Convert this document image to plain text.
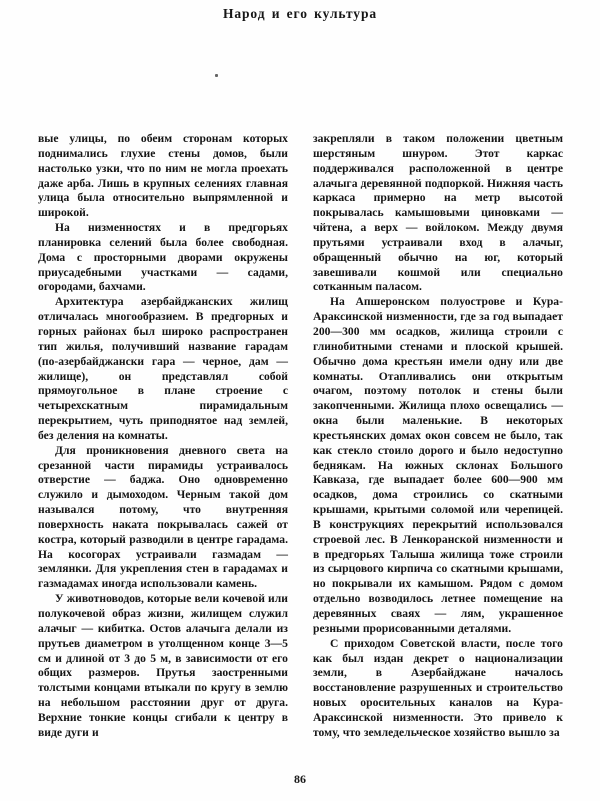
Народ и его культура

вые улицы, по обеим сторонам которых поднимались глухие стены домов, были настолько узки, что по ним не могла проехать даже арба. Лишь в крупных селениях главная улица была относительно выпрямленной и широкой.

На низменностях и в предгорьях планировка селений была более свободная. Дома с просторными дворами окружены приусадебными участками — садами, огородами, бахчами.

Архитектура азербайджанских жилищ отличалась многообразием. В предгорных и горных районах был широко распространен тип жилья, получивший название гарадам (по-азербайджански гара — черное, дам — жилище), он представлял собой прямоугольное в плане строение с четырехскатным пирамидальным перекрытием, чуть приподнятое над землей, без деления на комнаты.

Для проникновения дневного света на срезанной части пирамиды устраивалось отверстие — баджа. Оно одновременно служило и дымоходом. Черным такой дом назывался потому, что внутренняя поверхность наката покрывалась сажей от костра, который разводили в центре гарадама. На косогорах устраивали газмадам — землянки. Для укрепления стен в гарадамах и газмадамах иногда использовали камень.

У животноводов, которые вели кочевой или полукочевой образ жизни, жилищем служил алачыг — кибитка. Остов алачыга делали из прутьев диаметром в утолщенном конце 3—5 см и длиной от 3 до 5 м, в зависимости от его общих размеров. Прутья заостренными толстыми концами втыкали по кругу в землю на небольшом расстоянии друг от друга. Верхние тонкие концы сгибали к центру в виде дуги и

закрепляли в таком положении цветным шерстяным шнуром. Этот каркас поддерживался расположенной в центре алачыга деревянной подпоркой. Нижняя часть каркаса примерно на метр высотой покрывалась камышовыми циновками — чйтена, а верх — войлоком. Между двумя прутьями устраивали вход в алачыг, обращенный обычно на юг, который завешивали кошмой или специально сотканным паласом.

На Апшеронском полуострове и Кура-Араксинской низменности, где за год выпадает 200—300 мм осадков, жилища строили с глинобитными стенами и плоской крышей. Обычно дома крестьян имели одну или две комнаты. Отапливались они открытым очагом, поэтому потолок и стены были закопченными. Жилища плохо освещались — окна были маленькие. В некоторых крестьянских домах окон совсем не было, так как стекло стоило дорого и было недоступно беднякам. На южных склонах Большого Кавказа, где выпадает более 600—900 мм осадков, дома строились со скатными крышами, крытыми соломой или черепицей. В конструкциях перекрытий использовался строевой лес. В Ленкоранской низменности и в предгорьях Талыша жилища тоже строили из сырцового кирпича со скатными крышами, но покрывали их камышом. Рядом с домом отдельно возводилось летнее помещение на деревянных сваях — лям, украшенное резными прорисованными деталями.

С приходом Советской власти, после того как был издан декрет о национализации земли, в Азербайджане началось восстановление разрушенных и строительство новых оросительных каналов на Кура-Араксинской низменности. Это привело к тому, что земледельческое хозяйство вышло за

86
